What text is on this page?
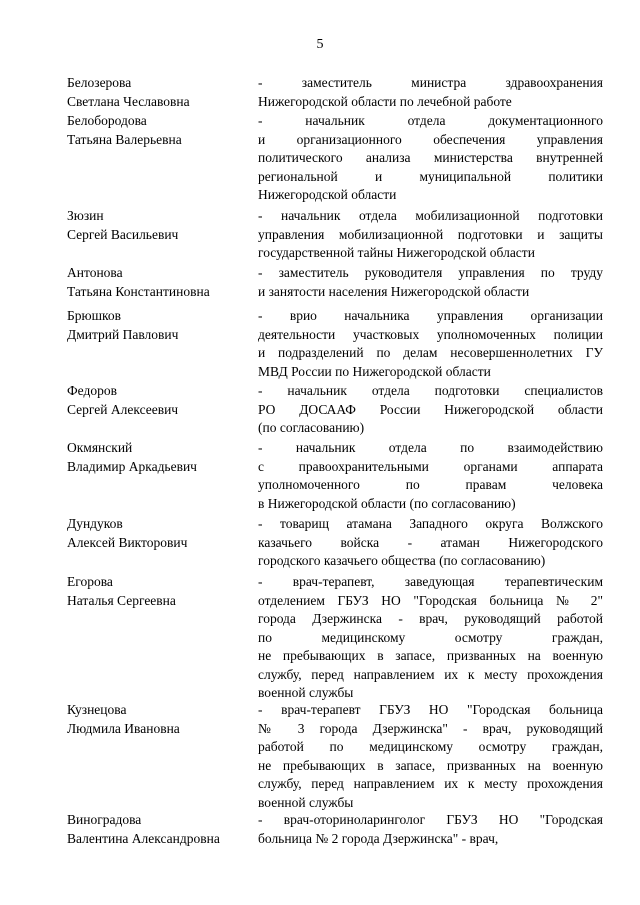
5
Белозерова
Светлана Чеславовна
- заместитель министра здравоохранения
Нижегородской области по лечебной работе
Белобородова
Татьяна Валерьевна
- начальник отдела документационного
и организационного обеспечения управления
политического анализа министерства внутренней
региональной и муниципальной политики
Нижегородской области
Зюзин
Сергей Васильевич
- начальник отдела мобилизационной подготовки
управления мобилизационной подготовки и защиты
государственной тайны Нижегородской области
Антонова
Татьяна Константиновна
- заместитель руководителя управления по труду
и занятости населения Нижегородской области
Брюшков
Дмитрий Павлович
- врио начальника управления организации
деятельности участковых уполномоченных полиции
и подразделений по делам несовершеннолетних ГУ
МВД России по Нижегородской области
Федоров
Сергей Алексеевич
- начальник отдела подготовки специалистов
РО ДОСААФ России Нижегородской области
(по согласованию)
Окмянский
Владимир Аркадьевич
- начальник отдела по взаимодействию
с правоохранительными органами аппарата
уполномоченного по правам человека
в Нижегородской области (по согласованию)
Дундуков
Алексей Викторович
- товарищ атамана Западного округа Волжского
казачьего войска - атаман Нижегородского
городского казачьего общества (по согласованию)
Егорова
Наталья Сергеевна
- врач-терапевт, заведующая терапевтическим
отделением ГБУЗ НО "Городская больница № 2"
города Дзержинска - врач, руководящий работой
по медицинскому осмотру граждан,
не пребывающих в запасе, призванных на военную
службу, перед направлением их к месту прохождения
военной службы
Кузнецова
Людмила Ивановна
- врач-терапевт ГБУЗ НО "Городская больница
№ 3 города Дзержинска" - врач, руководящий
работой по медицинскому осмотру граждан,
не пребывающих в запасе, призванных на военную
службу, перед направлением их к месту прохождения
военной службы
Виноградова
Валентина Александровна
- врач-оториноларинголог ГБУЗ НО "Городская
больница № 2 города Дзержинска" - врач,
